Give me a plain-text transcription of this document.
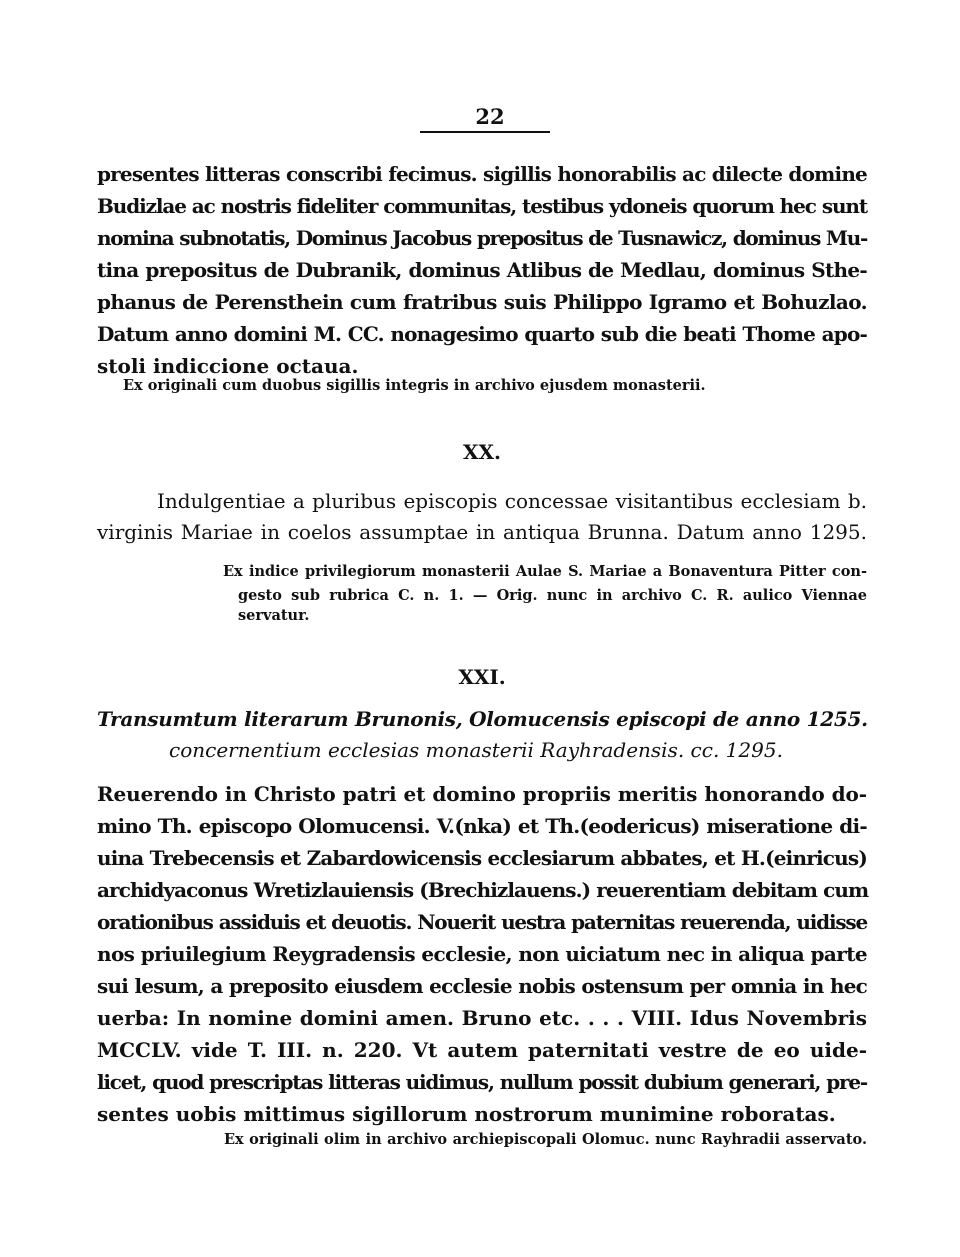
22
presentes litteras conscribi fecimus. sigillis honorabilis ac dilecte domine
Budizlae ac nostris fideliter communitas, testibus ydoneis quorum hec sunt
nomina subnotatis, Dominus Jacobus prepositus de Tusnawicz, dominus Mu-
tina prepositus de Dubranik, dominus Atlibus de Medlau, dominus Sthe-
phanus de Perensthein cum fratribus suis Philippo Igramo et Bohuzlao.
Datum anno domini M. CC. nonagesimo quarto sub die beati Thome apo-
stoli indiccione octaua.
Ex originali cum duobus sigillis integris in archivo ejusdem monasterii.
XX.
Indulgentiae a pluribus episcopis concessae visitantibus ecclesiam b.
virginis Mariae in coelos assumptae in antiqua Brunna. Datum anno 1295.
Ex indice privilegiorum monasterii Aulae S. Mariae a Bonaventura Pitter con-
gesto sub rubrica C. n. 1. — Orig. nunc in archivo C. R. aulico Viennae
servatur.
XXI.
Transumtum literarum Brunonis, Olomucensis episcopi de anno 1255.
concernentium ecclesias monasterii Rayhradensis. cc. 1295.
Reuerendo in Christo patri et domino propriis meritis honorando do-
mino Th. episcopo Olomucensi. V.(nka) et Th.(eodericus) miseratione di-
uina Trebecensis et Zabardowicensis ecclesiarum abbates, et H.(einricus)
archidyaconus Wretizlauiensis (Brechizlauens.) reuerentiam debitam cum
orationibus assiduis et deuotis. Nouerit uestra paternitas reuerenda, uidisse
nos priuilegium Reygradensis ecclesie, non uiciatum nec in aliqua parte
sui lesum, a preposito eiusdem ecclesie nobis ostensum per omnia in hec
uerba: In nomine domini amen. Bruno etc. . . . VIII. Idus Novembris
MCCLV. vide T. III. n. 220. Vt autem paternitati vestre de eo uide-
licet, quod prescriptas litteras uidimus, nullum possit dubium generari, pre-
sentes uobis mittimus sigillorum nostrorum munimine roboratas.
Ex originali olim in archivo archiepiscopali Olomuc. nunc Rayhradii asservato.
